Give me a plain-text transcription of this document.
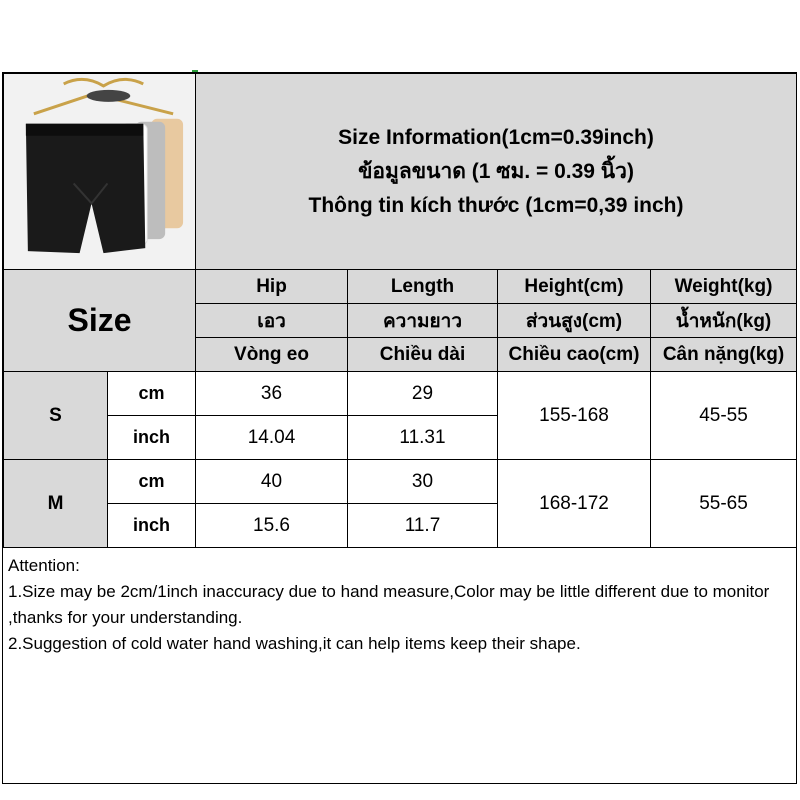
Size Information(1cm=0.39inch)
ข้อมูลขนาด (1 ซม. = 0.39 นิ้ว)
Thông tin kích thước (1cm=0,39 inch)			

Size		Hip	Length	Height(cm)	Weight(kg)
		เอว	ความยาว	ส่วนสูง(cm)	น้ำหนัก(kg)
		Vòng eo	Chiều dài	Chiều cao(cm)	Cân nặng(kg)
S	cm	36	29	155-168	45-55
	inch	14.04	11.31		
M	cm	40	30	168-172	55-65
	inch	15.6	11.7		
Attention:
1.Size may be 2cm/1inch inaccuracy due to hand measure,Color may be little different due to monitor ,thanks for your understanding.
2.Suggestion of cold water hand washing,it can help items keep their shape.
